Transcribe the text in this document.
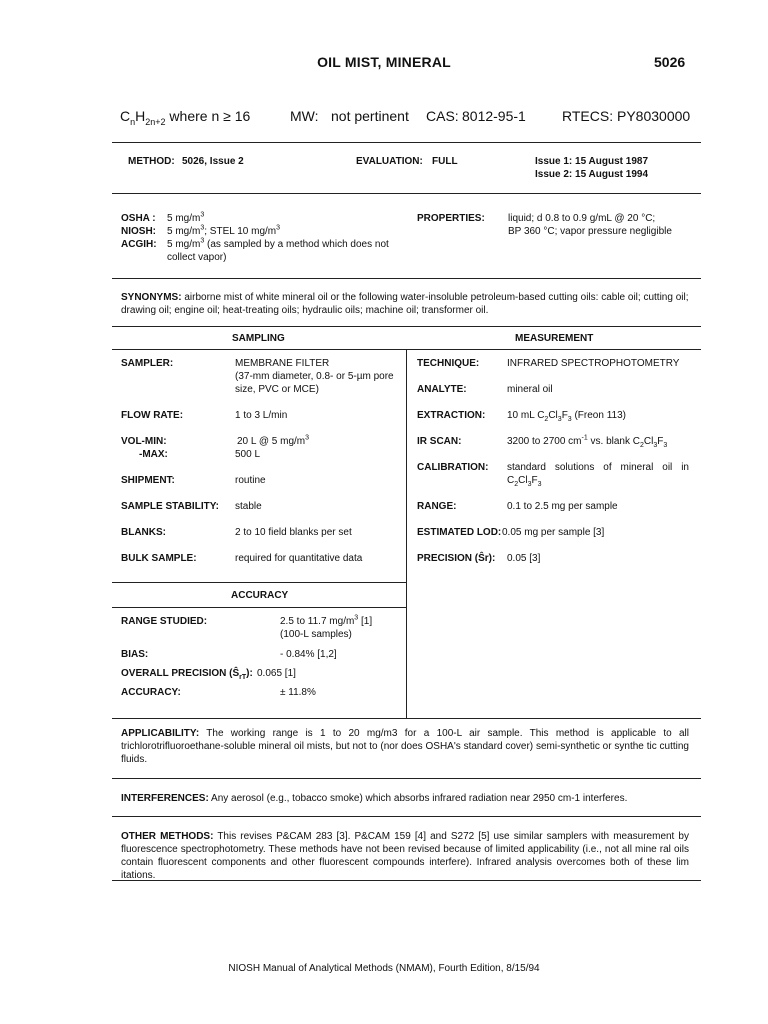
OIL MIST, MINERAL	5026
$C_nH_{2n+2}$ where n ≥ 16	MW: not pertinent CAS: 8012-95-1	RTECS: PY8030000
METHOD: 5026, Issue 2	EVALUATION: FULL	Issue 1: 15 August 1987
Issue 2: 15 August 1994
OSHA : 5 $mg/m^3$
NIOSH: 5 $mg/m^3$; STEL 10 $mg/m^3$
ACGIH: 5 $mg/m^3$ (as sampled by a method which does not
collect vapor)
PROPERTIES: liquid; d 0.8 to 0.9 g/mL @ 20 °C;
BP 360 °C; vapor pressure negligible
SYNONYMS: airborne mist of white mineral oil or the following water-insoluble petroleum-based cutting oils: cable oil; cutting oil; drawing oil; engine oil; heat-treating oils; hydraulic oils; machine oil; transformer oil.
SAMPLING	MEASUREMENT
SAMPLER:	MEMBRANE FILTER
(37-mm diameter, 0.8- or 5-µm pore size, PVC or MCE)
FLOW RATE:	1 to 3 L/min
VOL-MIN:	20 L @ 5 $mg/m^3$
-MAX:	500 L
SHIPMENT:	routine
SAMPLE STABILITY: stable
BLANKS:	2 to 10 field blanks per set
BULK SAMPLE:	required for quantitative data
ACCURACY
RANGE STUDIED:	2.5 to 11.7 $mg/m^3$ [1]
(100-L samples)
BIAS:	- 0.84% [1,2]
OVERALL PRECISION $(Ŝ_{rT})$: 0.065 [1]
ACCURACY:	± 11.8%
TECHNIQUE:	INFRARED SPECTROPHOTOMETRY
ANALYTE:	mineral oil
EXTRACTION: 10 mL $C_2Cl_3F_3$ (Freon 113)
IR SCAN:	3200 to 2700 $cm^{-1}$ vs. blank $C_2Cl_3F_3$
CALIBRATION: standard solutions of mineral oil in $C_2Cl_3F_3$
RANGE:	0.1 to 2.5 mg per sample
ESTIMATED LOD: 0.05 mg per sample [3]
PRECISION (Ŝr): 0.05 [3]
APPLICABILITY: The working range is 1 to 20 mg/m3 for a 100-L air sample. This method is applicable to all trichlorotrifluoroethane-soluble mineral oil mists, but not to (nor does OSHA's standard cover) semi-synthetic or synthe tic cutting fluids.
INTERFERENCES: Any aerosol (e.g., tobacco smoke) which absorbs infrared radiation near 2950 cm-1 interferes.
OTHER METHODS: This revises P&CAM 283 [3]. P&CAM 159 [4] and S272 [5] use similar samplers with measurement by fluorescence spectrophotometry. These methods have not been revised because of limited applicability (i.e., not all mine ral oils contain fluorescent components and other fluorescent compounds interfere). Infrared analysis overcomes both of these lim itations.
NIOSH Manual of Analytical Methods (NMAM), Fourth Edition, 8/15/94
